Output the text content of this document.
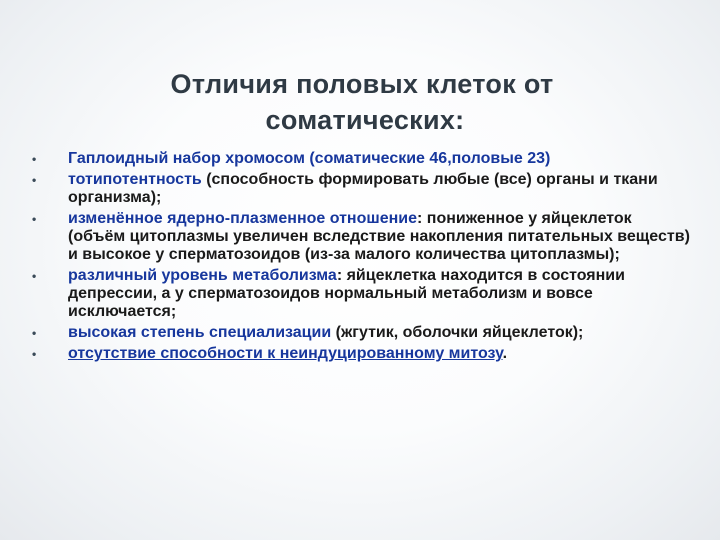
Отличия половых клеток от
соматических:
•	Гаплоидный набор хромосом (соматические 46,половые 23)
•	тотипотентность (способность формировать любые (все) органы и ткани организма);
•	изменённое ядерно-плазменное отношение: пониженное у яйцеклеток (объём цитоплазмы увеличен вследствие накопления питательных веществ) и высокое у сперматозоидов (из-за малого количества цитоплазмы);
•	различный уровень метаболизма: яйцеклетка находится в состоянии депрессии, а у сперматозоидов нормальный метаболизм и вовсе исключается;
•	высокая степень специализации (жгутик, оболочки яйцеклеток);
•	отсутствие способности к неиндуцированному митозу.
